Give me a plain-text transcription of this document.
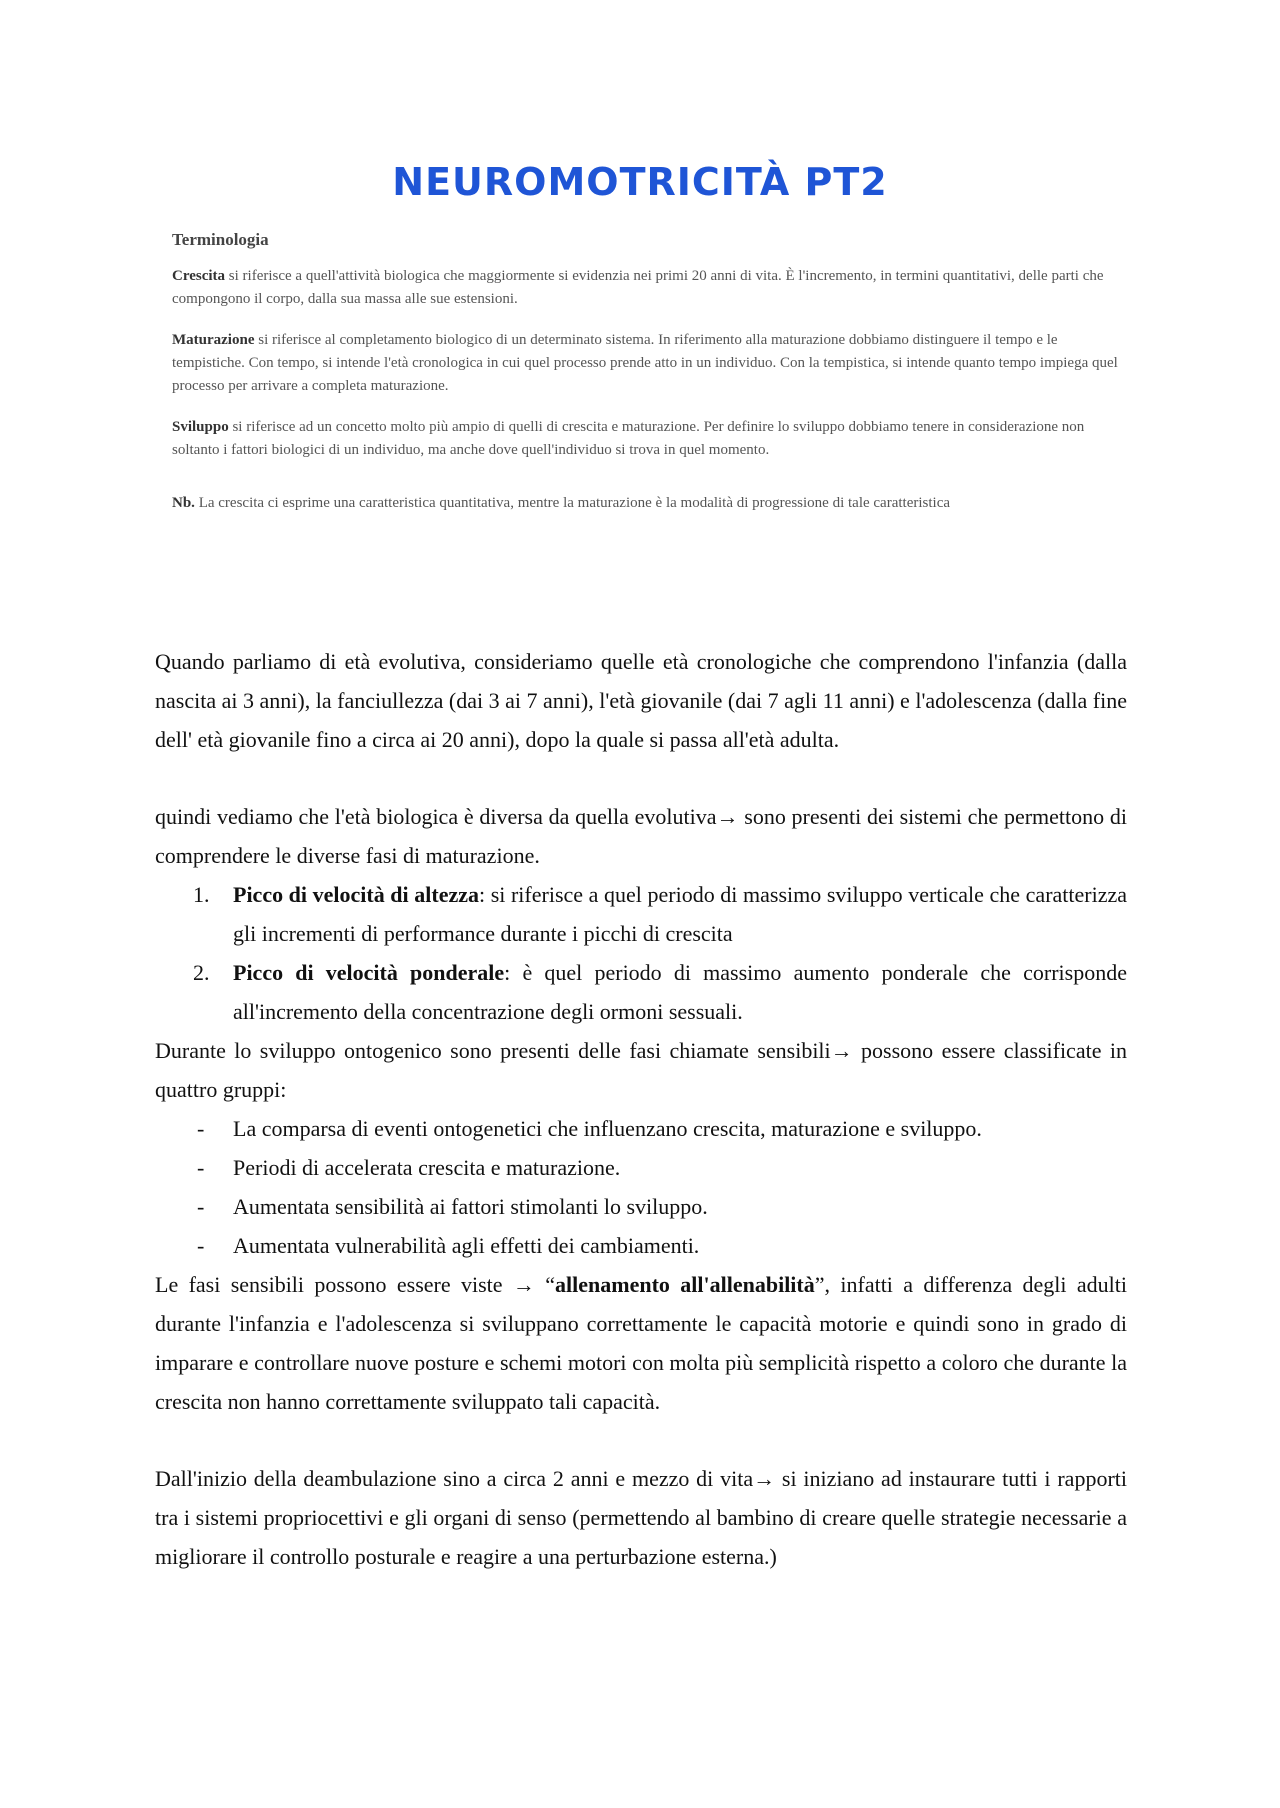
NEUROMOTRICITÀ PT2
Terminologia

Crescita si riferisce a quell'attività biologica che maggiormente si evidenzia nei primi 20 anni di vita. È l'incremento, in termini quantitativi, delle parti che compongono il corpo, dalla sua massa alle sue estensioni.

Maturazione si riferisce al completamento biologico di un determinato sistema. In riferimento alla maturazione dobbiamo distinguere il tempo e le tempistiche. Con tempo, si intende l'età cronologica in cui quel processo prende atto in un individuo. Con la tempistica, si intende quanto tempo impiega quel processo per arrivare a completa maturazione.

Sviluppo si riferisce ad un concetto molto più ampio di quelli di crescita e maturazione. Per definire lo sviluppo dobbiamo tenere in considerazione non soltanto i fattori biologici di un individuo, ma anche dove quell'individuo si trova in quel momento.

Nb. La crescita ci esprime una caratteristica quantitativa, mentre la maturazione è la modalità di progressione di tale caratteristica

Quando parliamo di età evolutiva, consideriamo quelle età cronologiche che comprendono l'infanzia (dalla nascita ai 3 anni), la fanciullezza (dai 3 ai 7 anni), l'età giovanile (dai 7 agli 11 anni) e l'adolescenza (dalla fine dell' età giovanile fino a circa ai 20 anni), dopo la quale si passa all'età adulta.

quindi vediamo che l'età biologica è diversa da quella evolutiva→ sono presenti dei sistemi che permettono di comprendere le diverse fasi di maturazione.

1. Picco di velocità di altezza: si riferisce a quel periodo di massimo sviluppo verticale che caratterizza gli incrementi di performance durante i picchi di crescita
2. Picco di velocità ponderale: è quel periodo di massimo aumento ponderale che corrisponde all'incremento della concentrazione degli ormoni sessuali.

Durante lo sviluppo ontogenico sono presenti delle fasi chiamate sensibili→ possono essere classificate in quattro gruppi:

- La comparsa di eventi ontogenetici che influenzano crescita, maturazione e sviluppo.
- Periodi di accelerata crescita e maturazione.
- Aumentata sensibilità ai fattori stimolanti lo sviluppo.
- Aumentata vulnerabilità agli effetti dei cambiamenti.

Le fasi sensibili possono essere viste → “allenamento all'allenabilità”, infatti a differenza degli adulti durante l'infanzia e l'adolescenza si sviluppano correttamente le capacità motorie e quindi sono in grado di imparare e controllare nuove posture e schemi motori con molta più semplicità rispetto a coloro che durante la crescita non hanno correttamente sviluppato tali capacità.

Dall'inizio della deambulazione sino a circa 2 anni e mezzo di vita→ si iniziano ad instaurare tutti i rapporti tra i sistemi propriocettivi e gli organi di senso (permettendo al bambino di creare quelle strategie necessarie a migliorare il controllo posturale e reagire a una perturbazione esterna.)
